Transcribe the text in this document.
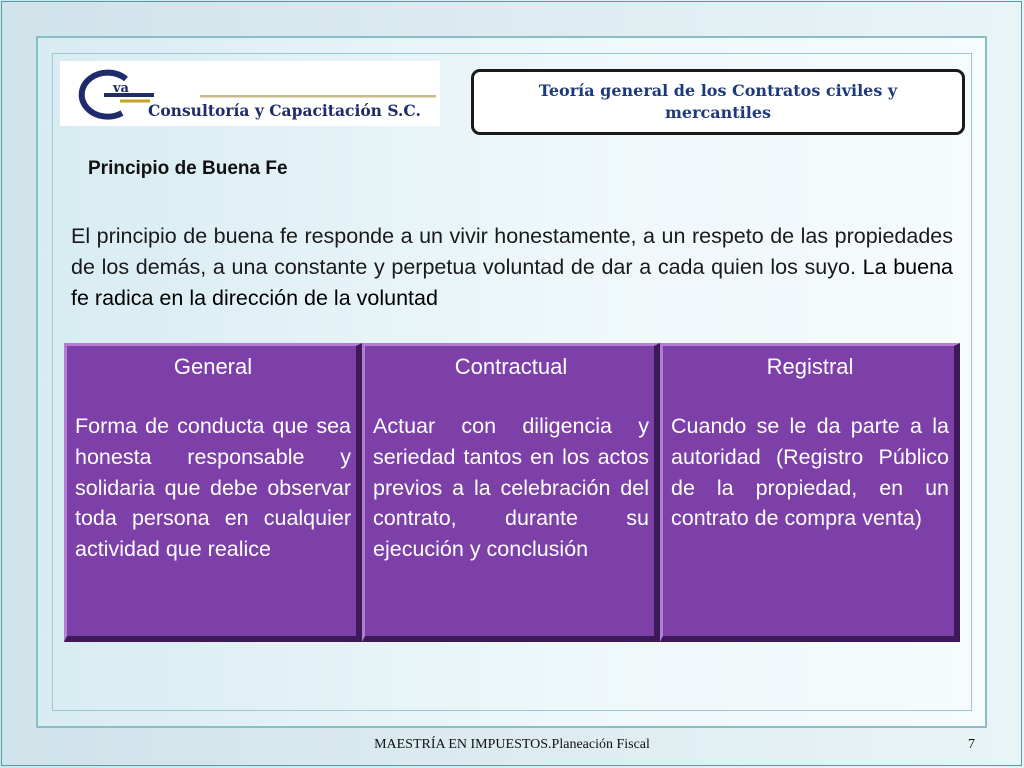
va
Consultoría y Capacitación S.C.
Teoría general de los Contratos civiles y mercantiles
Principio de Buena Fe

El principio de buena fe responde a un vivir honestamente, a un respeto de las propiedades de los demás, a una constante y perpetua voluntad de dar a cada quien los suyo. La buena fe radica en la dirección de la voluntad

General
Forma de conducta que sea honesta responsable y solidaria que debe observar toda persona en cualquier actividad que realice
Contractual
Actuar con diligencia y seriedad tantos en los actos previos a la celebración del contrato, durante su ejecución y conclusión
Registral
Cuando se le da parte a la autoridad (Registro Público de la propiedad, en un contrato de compra venta)
MAESTRÍA EN IMPUESTOS.Planeación Fiscal	7
